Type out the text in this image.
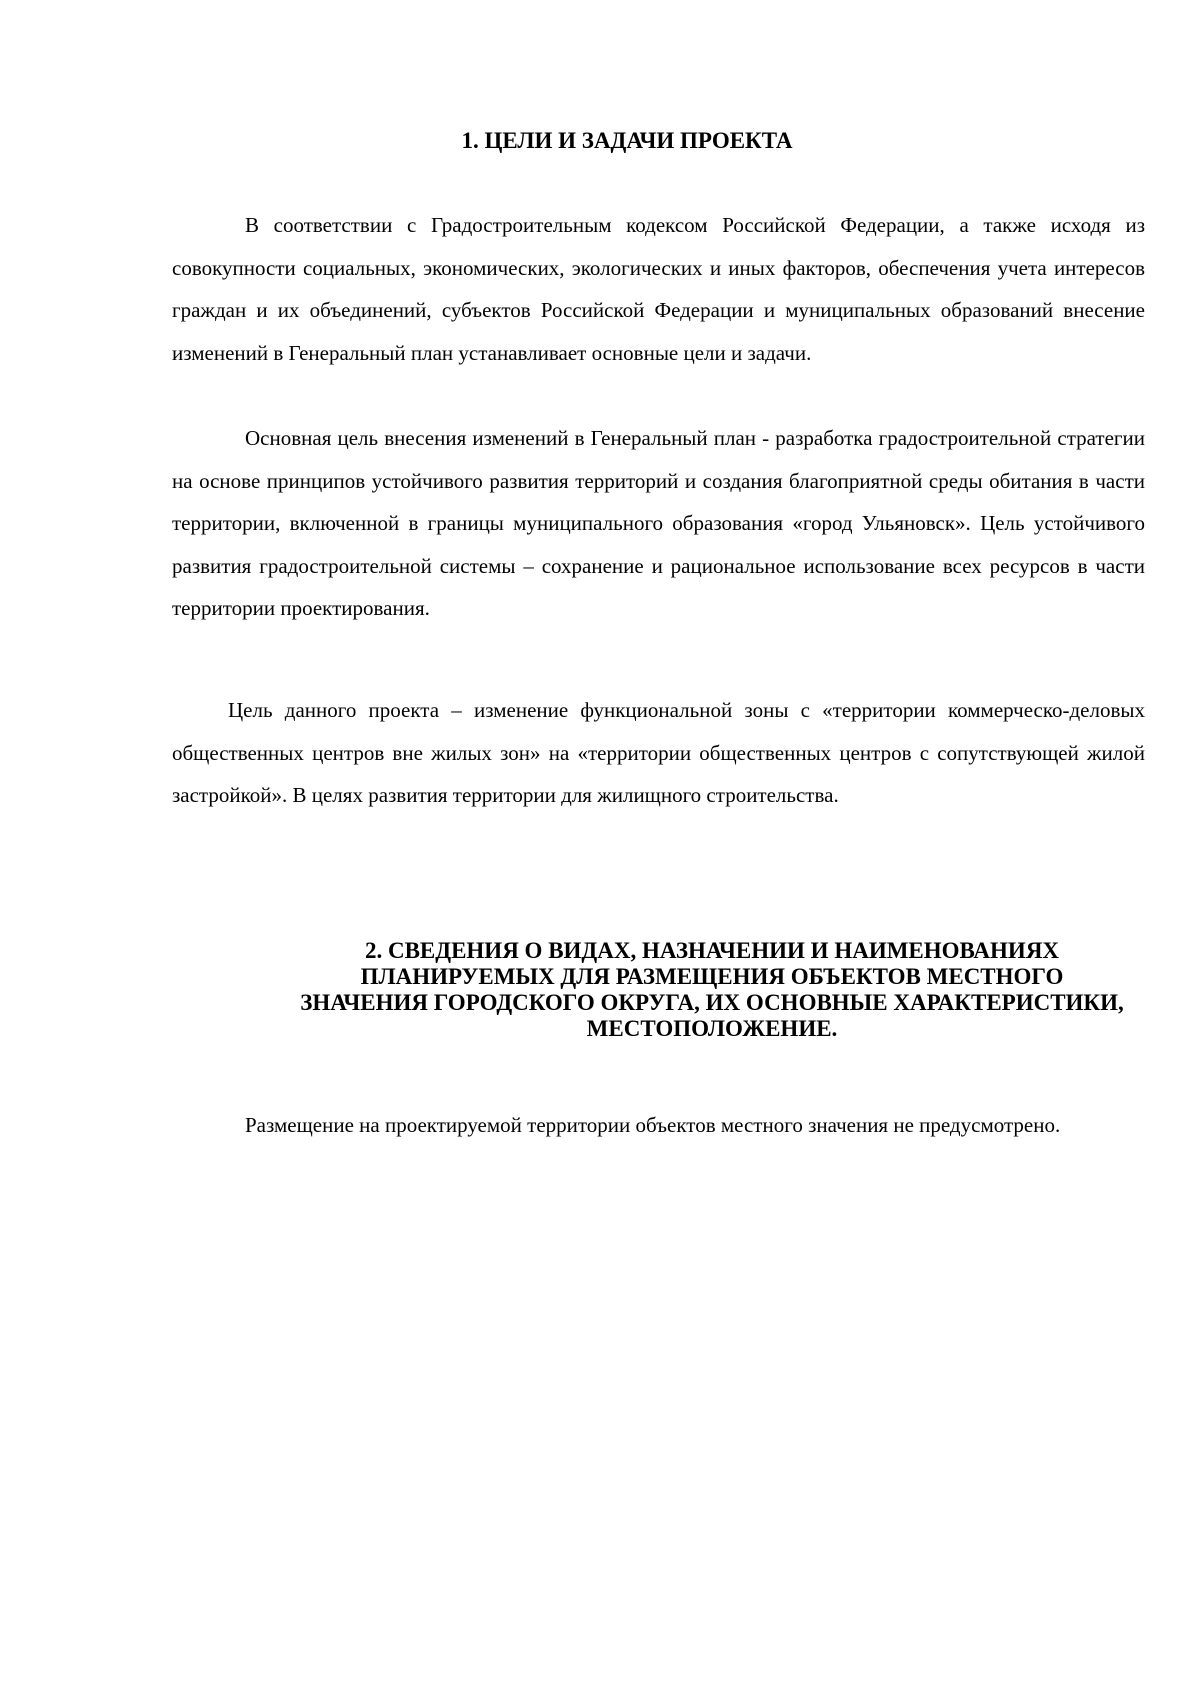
1. ЦЕЛИ И ЗАДАЧИ ПРОЕКТА

В соответствии с Градостроительным кодексом Российской Федерации, а также исходя из совокупности социальных, экономических, экологических и иных факторов, обеспечения учета интересов граждан и их объединений, субъектов Российской Федерации и муниципальных образований внесение изменений в Генеральный план устанавливает основные цели и задачи.

Основная цель внесения изменений в Генеральный план - разработка градостроительной стратегии на основе принципов устойчивого развития территорий и создания благоприятной среды обитания в части территории, включенной в границы муниципального образования «город Ульяновск». Цель устойчивого развития градостроительной системы – сохранение и рациональное использование всех ресурсов в части территории проектирования.

Цель данного проекта – изменение функциональной зоны с «территории коммерческо-деловых общественных центров вне жилых зон» на «территории общественных центров с сопутствующей жилой застройкой». В целях развития территории для жилищного строительства.

2. СВЕДЕНИЯ О ВИДАХ, НАЗНАЧЕНИИ И НАИМЕНОВАНИЯХ
ПЛАНИРУЕМЫХ ДЛЯ РАЗМЕЩЕНИЯ ОБЪЕКТОВ МЕСТНОГО
ЗНАЧЕНИЯ ГОРОДСКОГО ОКРУГА, ИХ ОСНОВНЫЕ ХАРАКТЕРИСТИКИ,
МЕСТОПОЛОЖЕНИЕ.

Размещение на проектируемой территории объектов местного значения не предусмотрено.
